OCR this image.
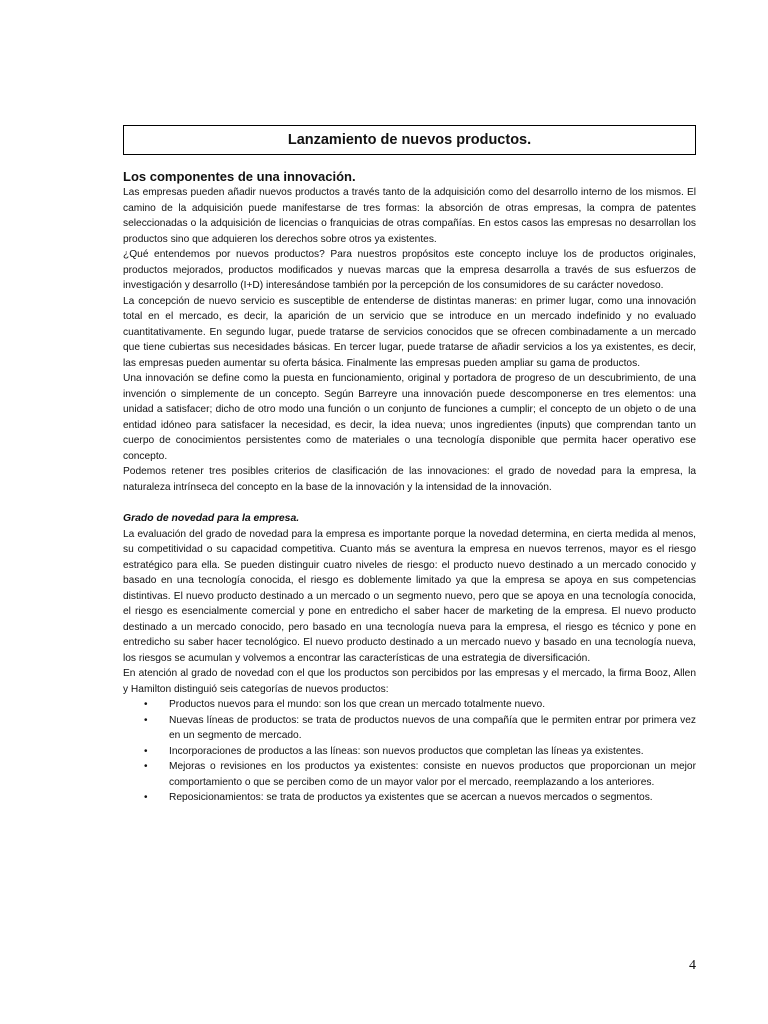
Lanzamiento de nuevos productos.
Los componentes de una innovación.

Las empresas pueden añadir nuevos productos a través tanto de la adquisición como del desarrollo interno de los mismos. El camino de la adquisición puede manifestarse de tres formas: la absorción de otras empresas, la compra de patentes seleccionadas o la adquisición de licencias o franquicias de otras compañías. En estos casos las empresas no desarrollan los productos sino que adquieren los derechos sobre otros ya existentes.

¿Qué entendemos por nuevos productos? Para nuestros propósitos este concepto incluye los de productos originales, productos mejorados, productos modificados y nuevas marcas que la empresa desarrolla a través de sus esfuerzos de investigación y desarrollo (I+D) interesándose también por la percepción de los consumidores de su carácter novedoso.

La concepción de nuevo servicio es susceptible de entenderse de distintas maneras: en primer lugar, como una innovación total en el mercado, es decir, la aparición de un servicio que se introduce en un mercado indefinido y no evaluado cuantitativamente. En segundo lugar, puede tratarse de servicios conocidos que se ofrecen combinadamente a un mercado que tiene cubiertas sus necesidades básicas. En tercer lugar, puede tratarse de añadir servicios a los ya existentes, es decir, las empresas pueden aumentar su oferta básica. Finalmente las empresas pueden ampliar su gama de productos.

Una innovación se define como la puesta en funcionamiento, original y portadora de progreso de un descubrimiento, de una invención o simplemente de un concepto. Según Barreyre una innovación puede descomponerse en tres elementos: una unidad a satisfacer; dicho de otro modo una función o un conjunto de funciones a cumplir; el concepto de un objeto o de una entidad idóneo para satisfacer la necesidad, es decir, la idea nueva; unos ingredientes (inputs) que comprendan tanto un cuerpo de conocimientos persistentes como de materiales o una tecnología disponible que permita hacer operativo ese concepto.

Podemos retener tres posibles criterios de clasificación de las innovaciones: el grado de novedad para la empresa, la naturaleza intrínseca del concepto en la base de la innovación y la intensidad de la innovación.

Grado de novedad para la empresa.

La evaluación del grado de novedad para la empresa es importante porque la novedad determina, en cierta medida al menos, su competitividad o su capacidad competitiva. Cuanto más se aventura la empresa en nuevos terrenos, mayor es el riesgo estratégico para ella. Se pueden distinguir cuatro niveles de riesgo: el producto nuevo destinado a un mercado conocido y basado en una tecnología conocida, el riesgo es doblemente limitado ya que la empresa se apoya en sus competencias distintivas. El nuevo producto destinado a un mercado o un segmento nuevo, pero que se apoya en una tecnología conocida, el riesgo es esencialmente comercial y pone en entredicho el saber hacer de marketing de la empresa. El nuevo producto destinado a un mercado conocido, pero basado en una tecnología nueva para la empresa, el riesgo es técnico y pone en entredicho su saber hacer tecnológico. El nuevo producto destinado a un mercado nuevo y basado en una tecnología nueva, los riesgos se acumulan y volvemos a encontrar las características de una estrategia de diversificación.

En atención al grado de novedad con el que los productos son percibidos por las empresas y el mercado, la firma Booz, Allen y Hamilton distinguió seis categorías de nuevos productos:

• Productos nuevos para el mundo: son los que crean un mercado totalmente nuevo.
• Nuevas líneas de productos: se trata de productos nuevos de una compañía que le permiten entrar por primera vez en un segmento de mercado.
• Incorporaciones de productos a las líneas: son nuevos productos que completan las líneas ya existentes.
• Mejoras o revisiones en los productos ya existentes: consiste en nuevos productos que proporcionan un mejor comportamiento o que se perciben como de un mayor valor por el mercado, reemplazando a los anteriores.
• Reposicionamientos: se trata de productos ya existentes que se acercan a nuevos mercados o segmentos.
4
